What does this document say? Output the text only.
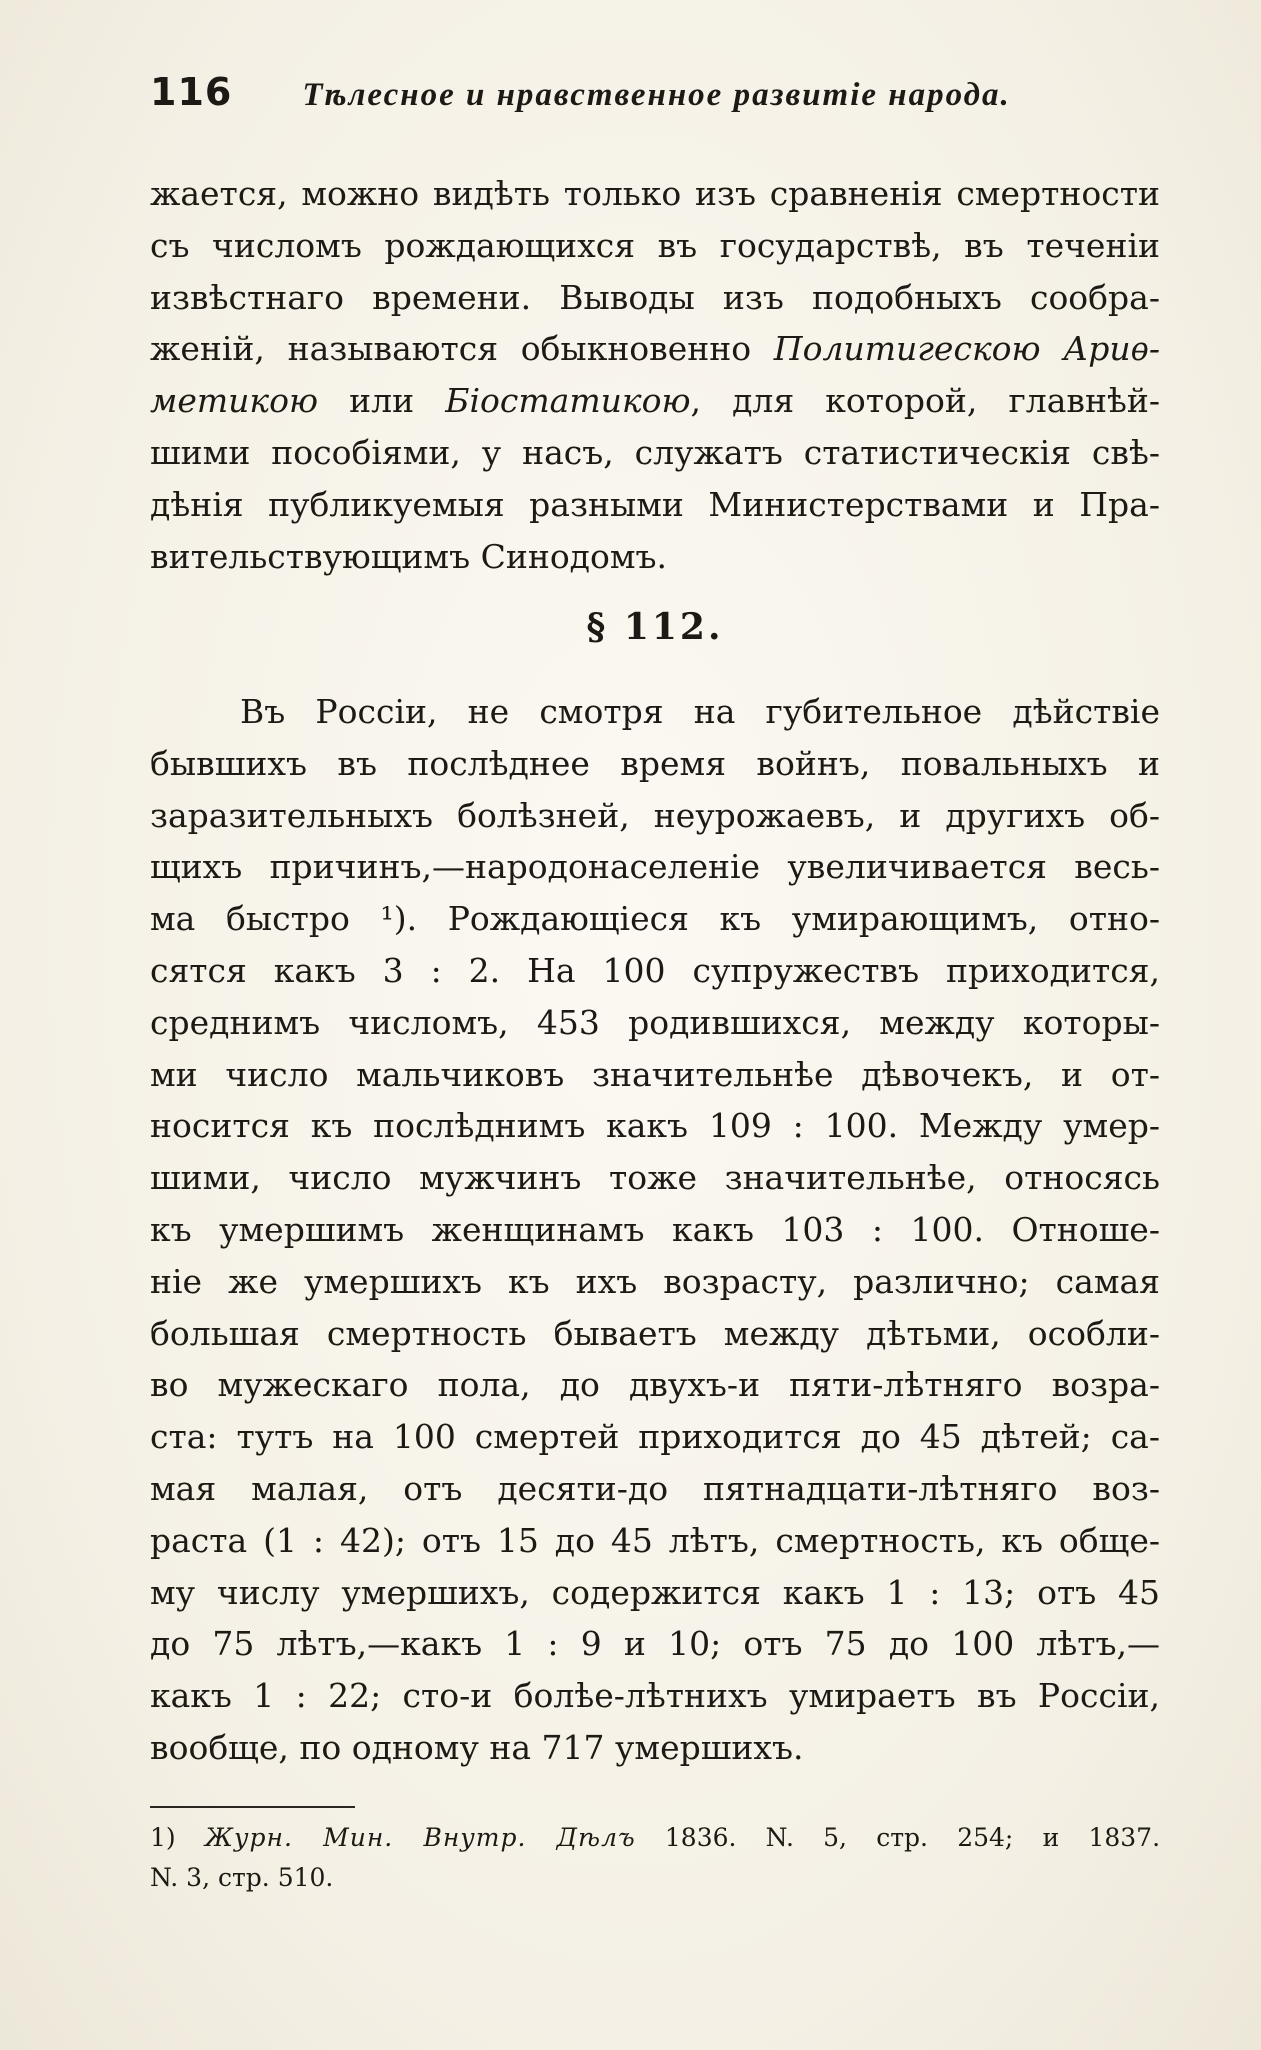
116 Тѣлесное и нравственное развитіе народа.

жается, можно видѣть только изъ сравненія смертности
съ числомъ рождающихся въ государствѣ, въ теченіи
извѣстнаго времени. Выводы изъ подобныхъ сообра-
женій, называются обыкновенно Политигескою Ариѳ-
метикою или Біостатикою, для которой, главнѣй-
шими пособіями, у насъ, служатъ статистическія свѣ-
дѣнія публикуемыя разными Министерствами и Пра-
вительствующимъ Синодомъ.

§ 112.

Въ Россіи, не смотря на губительное дѣйствіе
бывшихъ въ послѣднее время войнъ, повальныхъ и
заразительныхъ болѣзней, неурожаевъ, и другихъ об-
щихъ причинъ,—народонаселеніе увеличивается весь-
ма быстро ¹). Рождающіеся къ умирающимъ, отно-
сятся какъ 3 : 2. На 100 супружествъ приходится,
среднимъ числомъ, 453 родившихся, между которы-
ми число мальчиковъ значительнѣе дѣвочекъ, и от-
носится къ послѣднимъ какъ 109 : 100. Между умер-
шими, число мужчинъ тоже значительнѣе, относясь
къ умершимъ женщинамъ какъ 103 : 100. Отноше-
ніе же умершихъ къ ихъ возрасту, различно; самая
большая смертность бываетъ между дѣтьми, особли-
во мужескаго пола, до двухъ-и пяти-лѣтняго возра-
ста: тутъ на 100 смертей приходится до 45 дѣтей; са-
мая малая, отъ десяти-до пятнадцати-лѣтняго воз-
раста (1 : 42); отъ 15 до 45 лѣтъ, смертность, къ обще-
му числу умершихъ, содержится какъ 1 : 13; отъ 45
до 75 лѣтъ,—какъ 1 : 9 и 10; отъ 75 до 100 лѣтъ,—
какъ 1 : 22; сто-и болѣе-лѣтнихъ умираетъ въ Россіи,
вообще, по одному на 717 умершихъ.

1) Журн. Мин. Внутр. Дѣлъ 1836. N. 5, стр. 254; и 1837.
N. 3, стр. 510.
